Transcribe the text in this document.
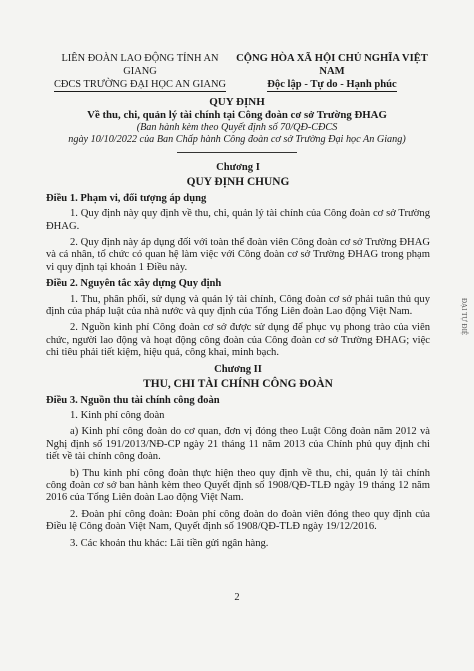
LIÊN ĐOÀN LAO ĐỘNG TỈNH AN GIANG
CĐCS TRƯỜNG ĐẠI HỌC AN GIANG
CỘNG HÒA XÃ HỘI CHỦ NGHĨA VIỆT NAM
Độc lập - Tự do - Hạnh phúc
QUY ĐỊNH
Về thu, chi, quản lý tài chính tại Công đoàn cơ sở Trường ĐHAG
(Ban hành kèm theo Quyết định số 70/QĐ-CĐCS
ngày 10/10/2022 của Ban Chấp hành Công đoàn cơ sở Trường Đại học An Giang)
Chương I
QUY ĐỊNH CHUNG
Điều 1. Phạm vi, đối tượng áp dụng
1. Quy định này quy định về thu, chi, quản lý tài chính của Công đoàn cơ sở Trường ĐHAG.
2. Quy định này áp dụng đối với toàn thể đoàn viên Công đoàn cơ sở Trường ĐHAG và cá nhân, tổ chức có quan hệ làm việc với Công đoàn cơ sở Trường ĐHAG trong phạm vi quy định tại khoản 1 Điều này.
Điều 2. Nguyên tắc xây dựng Quy định
1. Thu, phân phối, sử dụng và quản lý tài chính, Công đoàn cơ sở phải tuân thủ quy định của pháp luật của nhà nước và quy định của Tổng Liên đoàn Lao động Việt Nam.
2. Nguồn kinh phí Công đoàn cơ sở được sử dụng để phục vụ phong trào của viên chức, người lao động và hoạt động công đoàn của Công đoàn cơ sở Trường ĐHAG; việc chi tiêu phải tiết kiệm, hiệu quả, công khai, minh bạch.
Chương II
THU, CHI TÀI CHÍNH CÔNG ĐOÀN
Điều 3. Nguồn thu tài chính công đoàn
1. Kinh phí công đoàn
a) Kinh phí công đoàn do cơ quan, đơn vị đóng theo Luật Công đoàn năm 2012 và Nghị định số 191/2013/NĐ-CP ngày 21 tháng 11 năm 2013 của Chính phủ quy định chi tiết về tài chính công đoàn.
b) Thu kinh phí công đoàn thực hiện theo quy định về thu, chi, quản lý tài chính công đoàn cơ sở ban hành kèm theo Quyết định số 1908/QĐ-TLĐ ngày 19 tháng 12 năm 2016 của Tổng Liên đoàn Lao động Việt Nam.
2. Đoàn phí công đoàn: Đoàn phí công đoàn do đoàn viên đóng theo quy định của Điều lệ Công đoàn Việt Nam, Quyết định số 1908/QĐ-TLĐ ngày 19/12/2016.
3. Các khoản thu khác: Lãi tiền gửi ngân hàng.
ĐẠI TỰ ĐIỆ
2
